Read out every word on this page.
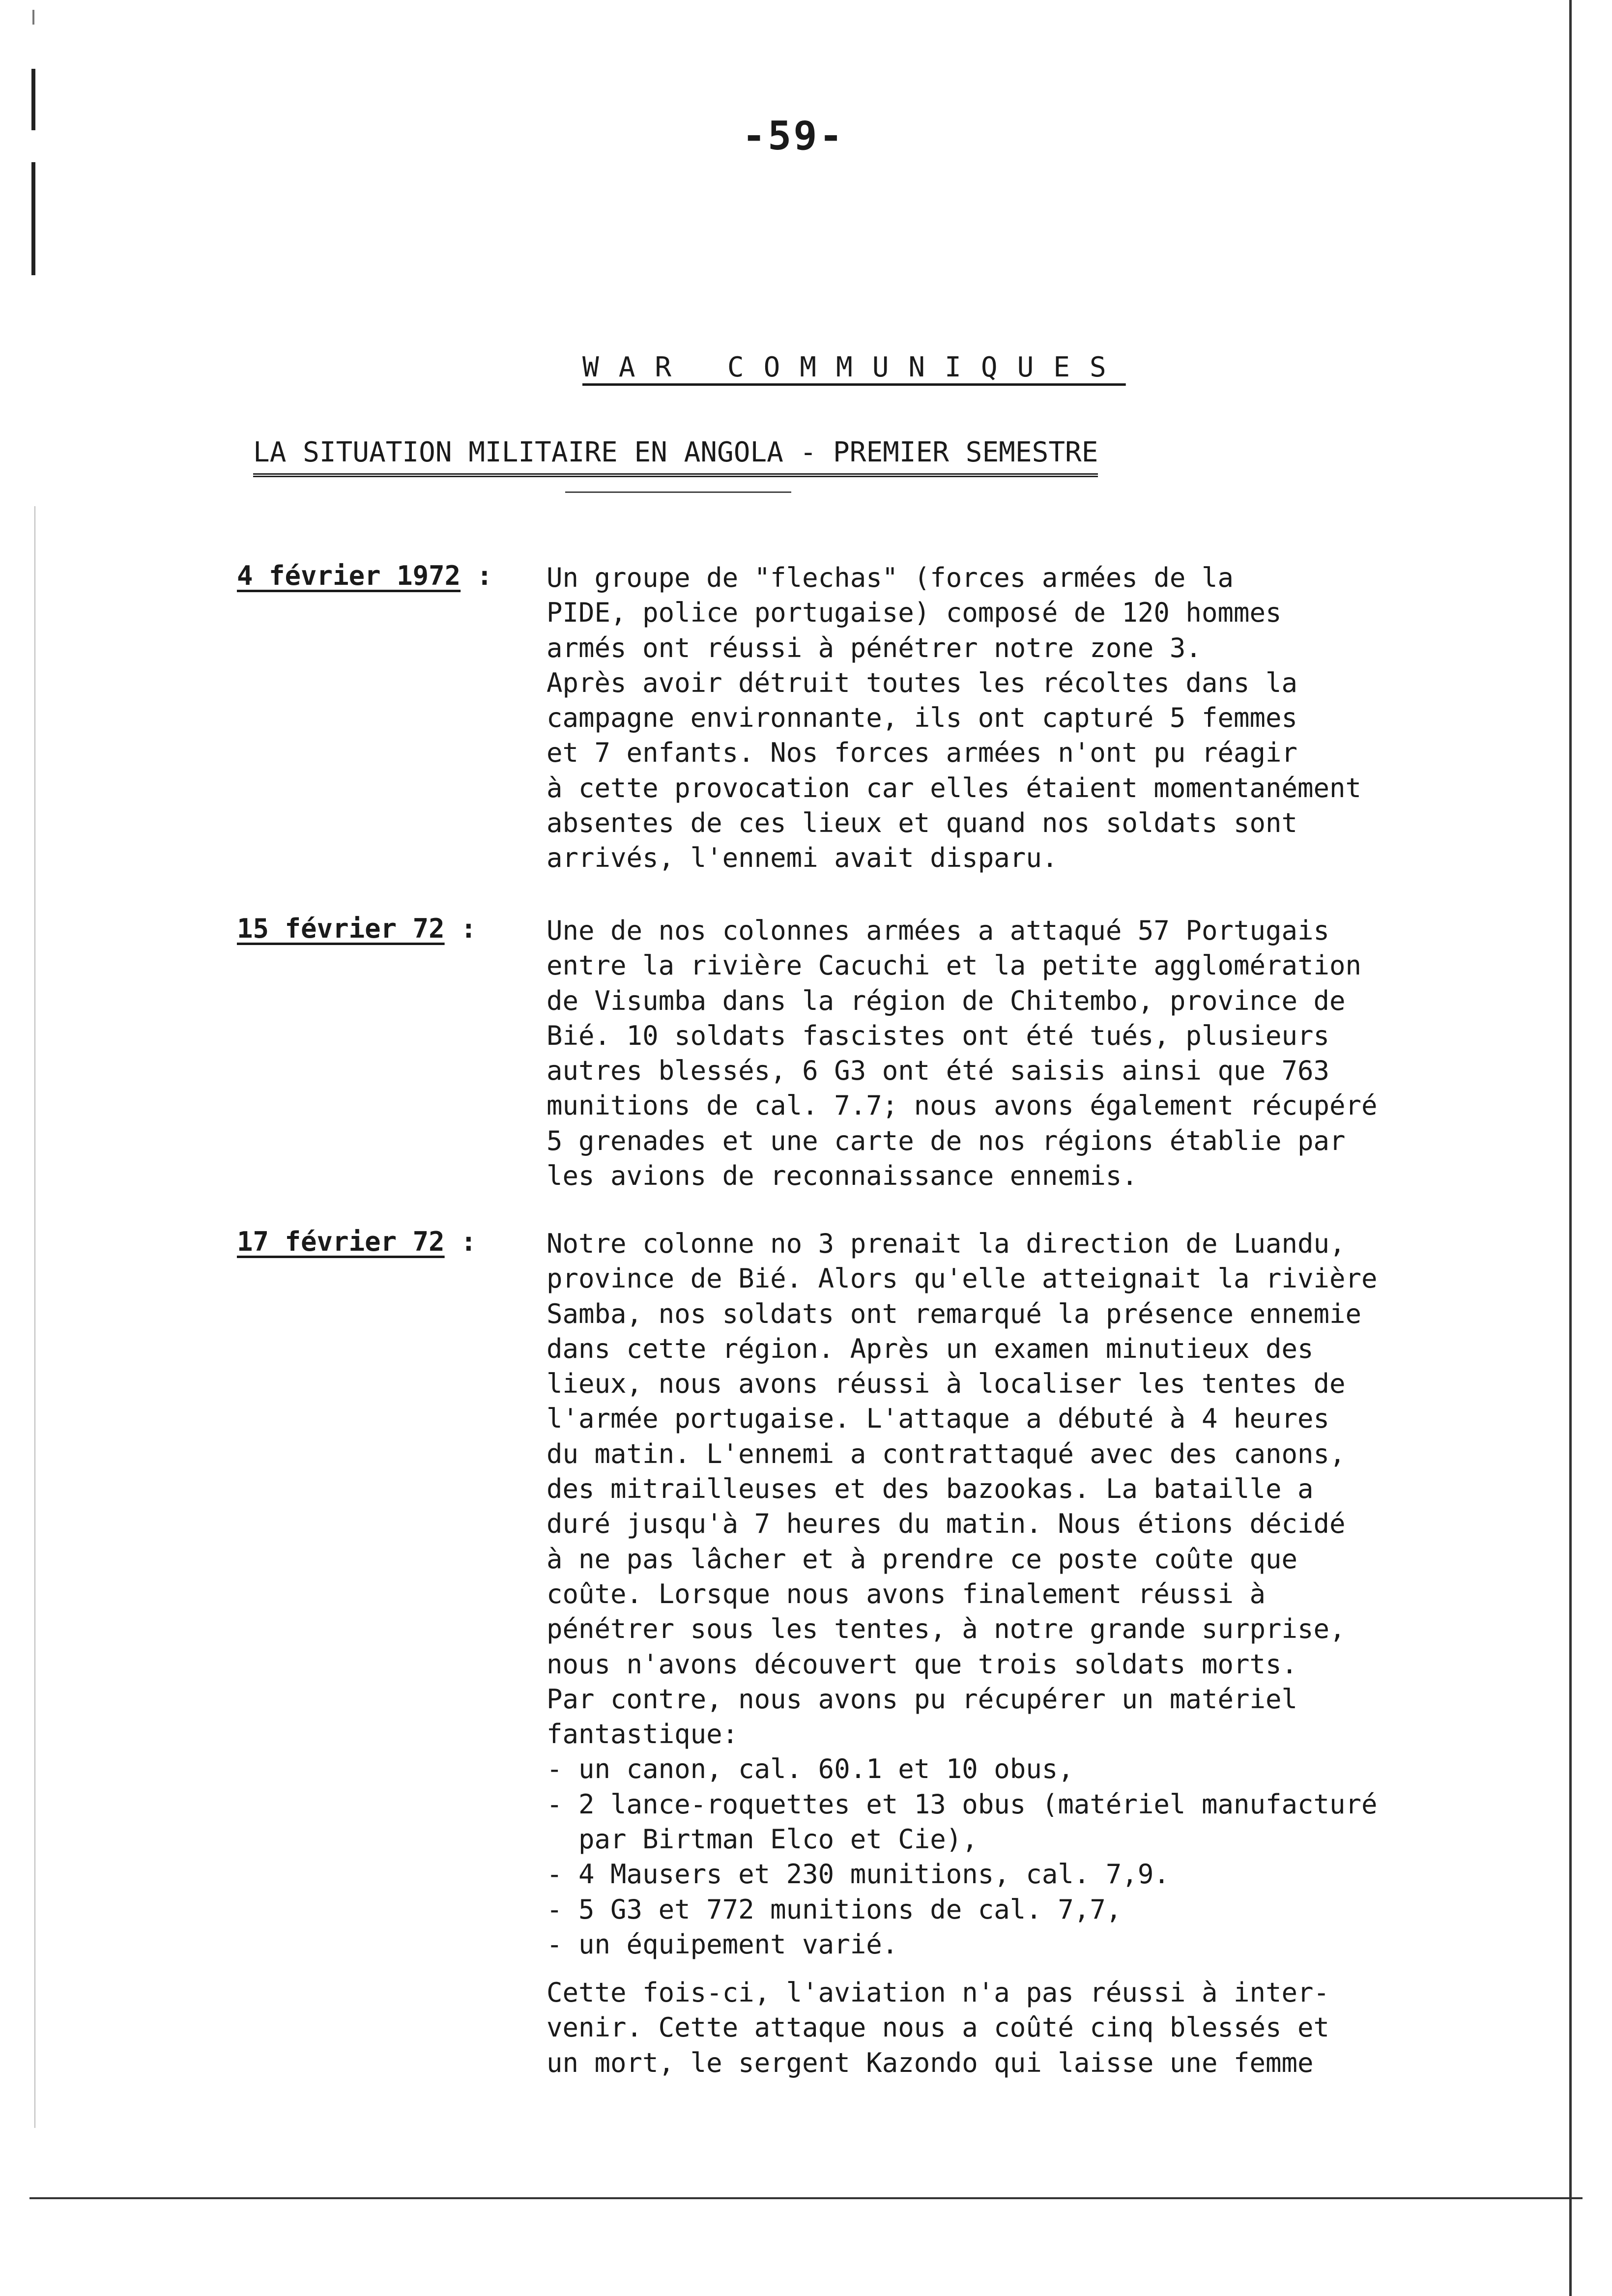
-59-
WAR COMMUNIQUES
LA SITUATION MILITAIRE EN ANGOLA - PREMIER SEMESTRE
4 février 1972 : Un groupe de "flechas" (forces armées de la
PIDE, police portugaise) composé de 120 hommes
armés ont réussi à pénétrer notre zone 3.
Après avoir détruit toutes les récoltes dans la
campagne environnante, ils ont capturé 5 femmes
et 7 enfants. Nos forces armées n'ont pu réagir
à cette provocation car elles étaient momentanément
absentes de ces lieux et quand nos soldats sont
arrivés, l'ennemi avait disparu.
15 février 72 :	Une de nos colonnes armées a attaqué 57 Portugais
entre la rivière Cacuchi et la petite agglomération
de Visumba dans la région de Chitembo, province de
Bié. 10 soldats fascistes ont été tués, plusieurs
autres blessés, 6 G3 ont été saisis ainsi que 763
munitions de cal. 7.7; nous avons également récupéré
5 grenades et une carte de nos régions établie par
les avions de reconnaissance ennemis.
17 février 72 :	Notre colonne no 3 prenait la direction de Luandu,
province de Bié. Alors qu'elle atteignait la rivière
Samba, nos soldats ont remarqué la présence ennemie
dans cette région. Après un examen minutieux des
lieux, nous avons réussi à localiser les tentes de
l'armée portugaise. L'attaque a débuté à 4 heures
du matin. L'ennemi a contrattaqué avec des canons,
des mitrailleuses et des bazookas. La bataille a
duré jusqu'à 7 heures du matin. Nous étions décidé
à ne pas lâcher et à prendre ce poste coûte que
coûte. Lorsque nous avons finalement réussi à
pénétrer sous les tentes, à notre grande surprise,
nous n'avons découvert que trois soldats morts.
Par contre, nous avons pu récupérer un matériel
fantastique:
- un canon, cal. 60.1 et 10 obus,
- 2 lance-roquettes et 13 obus (matériel manufacturé
par Birtman Elco et Cie),
- 4 Mausers et 230 munitions, cal. 7,9.
- 5 G3 et 772 munitions de cal. 7,7,
- un équipement varié.
Cette fois-ci, l'aviation n'a pas réussi à inter-
venir. Cette attaque nous a coûté cinq blessés et
un mort, le sergent Kazondo qui laisse une femme
